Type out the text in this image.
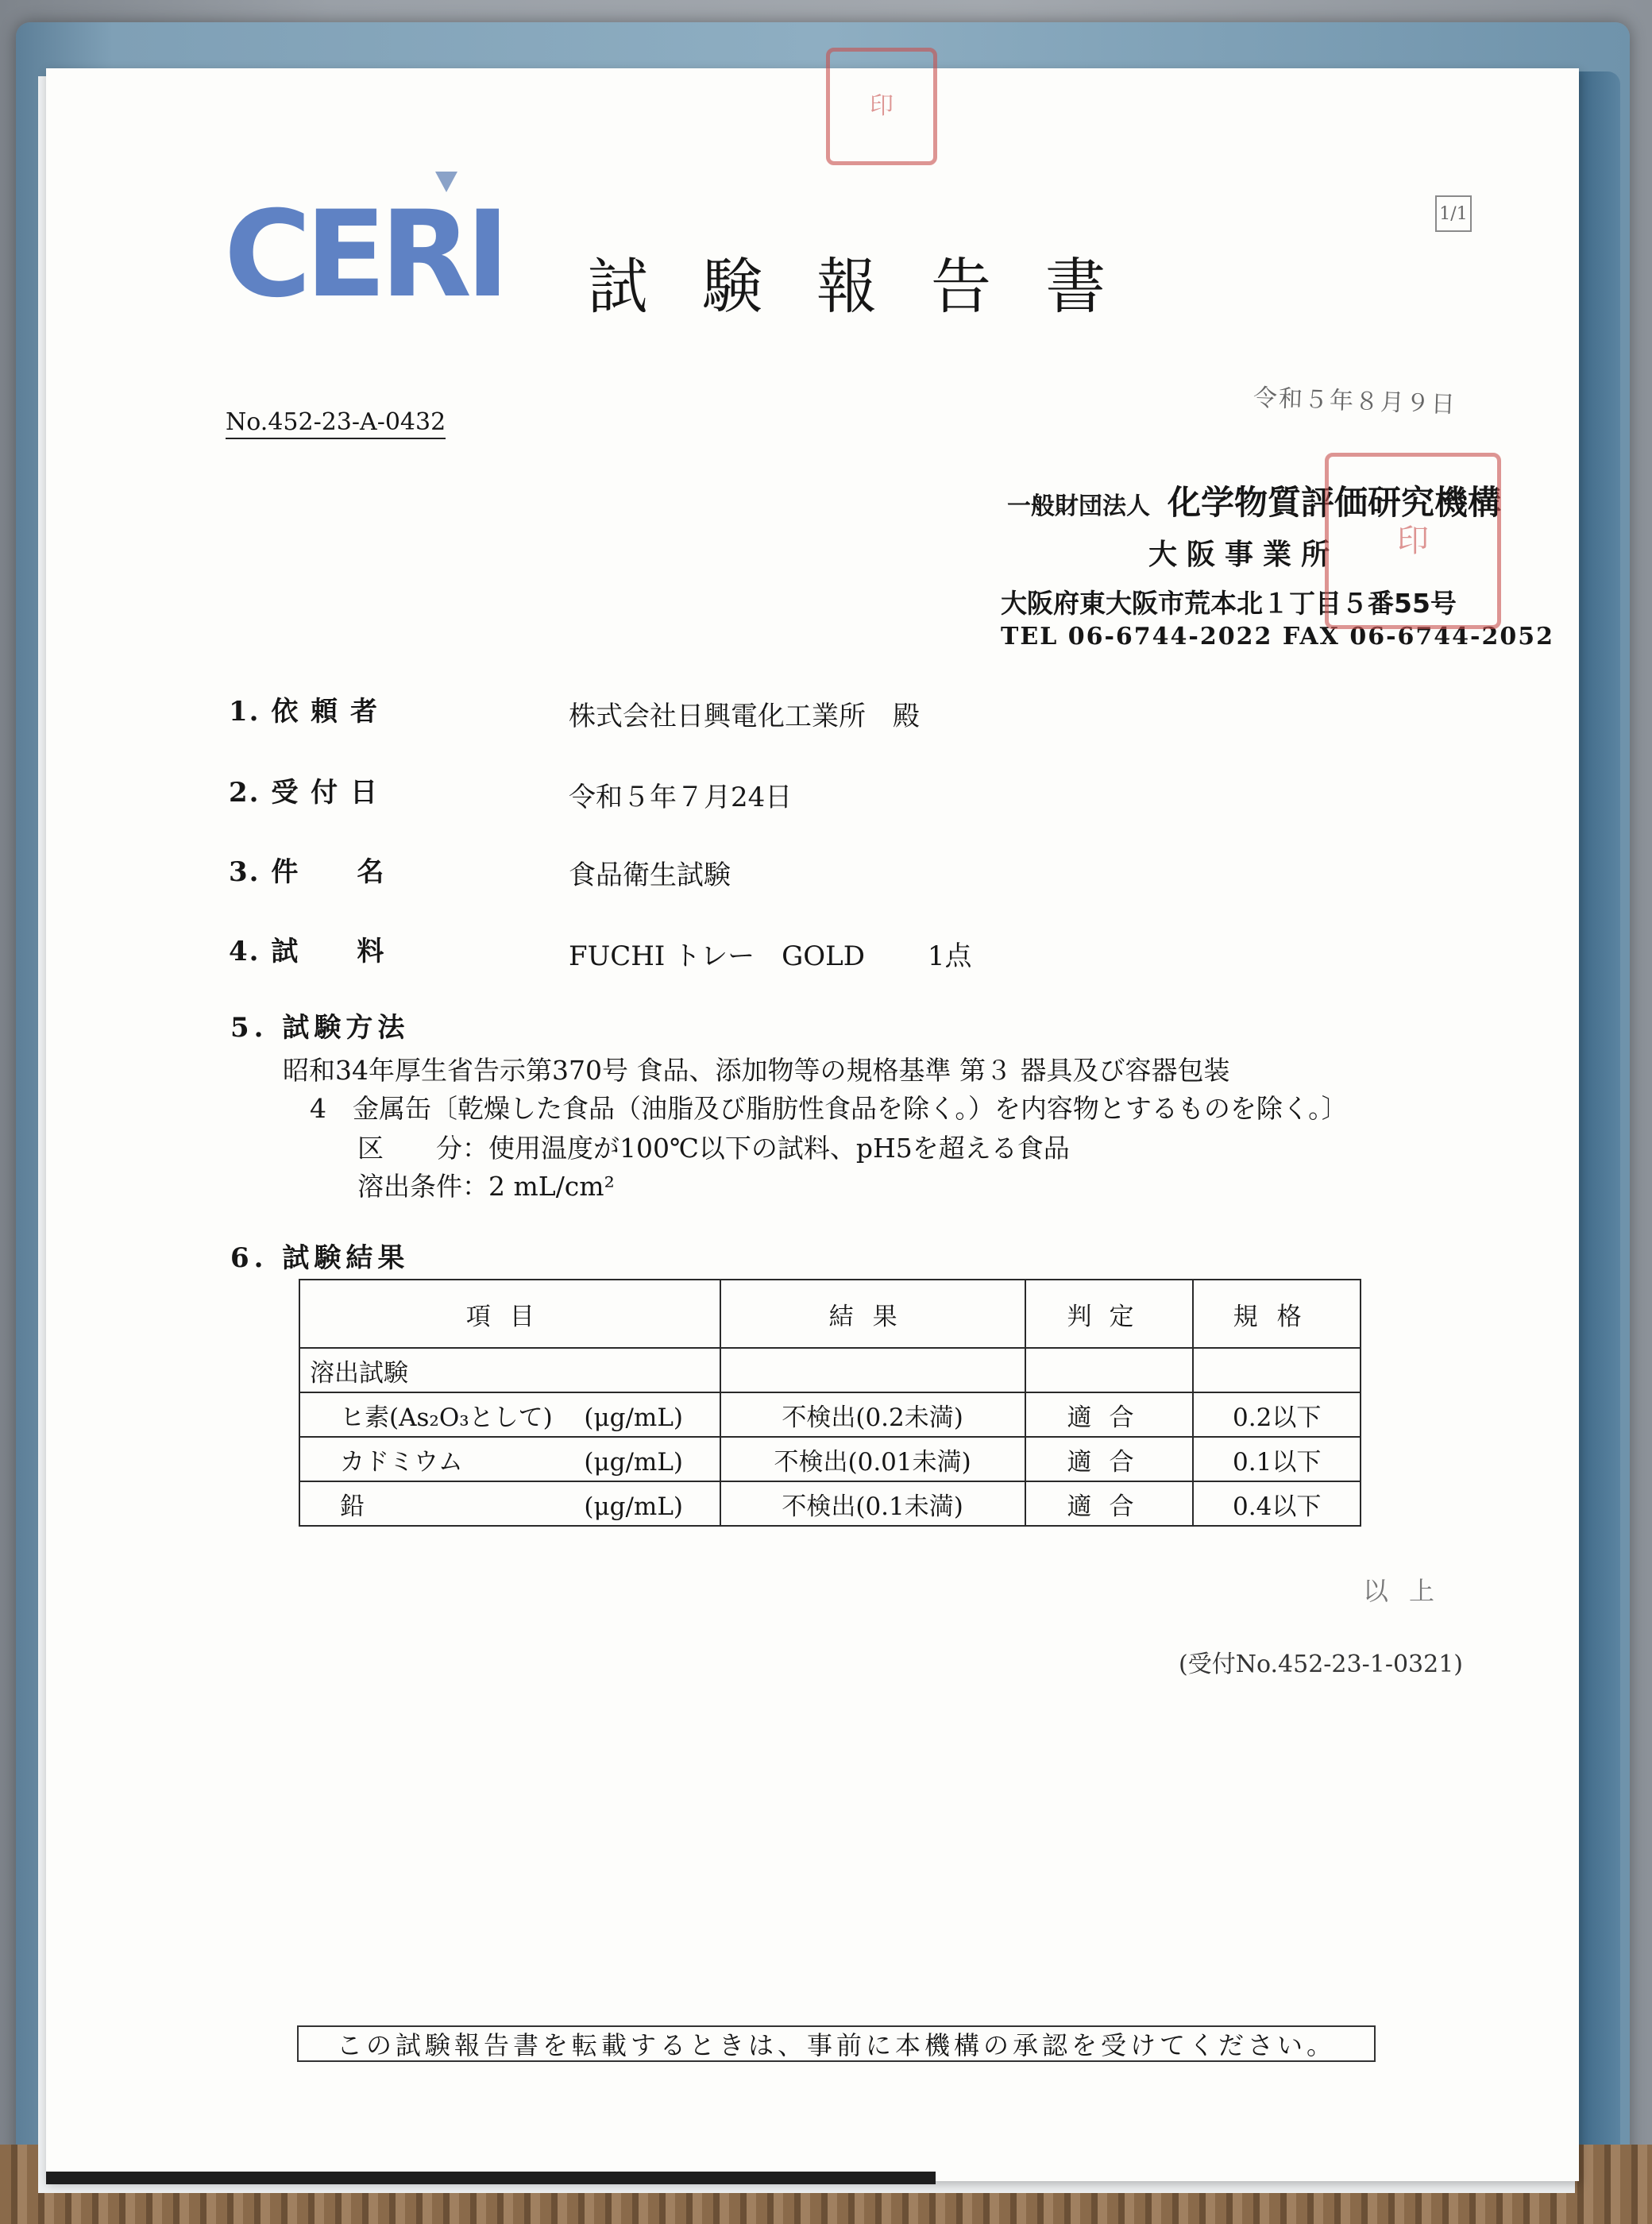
印
CERI	1/1
試験報告書
No.452-23-A-0432
令和５年８月９日
一般財団法人 化学物質評価研究機構
大阪事業所
大阪府東大阪市荒本北１丁目５番55号
TEL 06-6744-2022 FAX 06-6744-2052
印
1. 依 頼 者	株式会社日興電化工業所　殿
2. 受 付 日	令和５年７月24日
3. 件　　名	食品衛生試験
4. 試　　料	FUCHI トレー　GOLD　　 1点
5. 試験方法
昭和34年厚生省告示第370号 食品、添加物等の規格基準 第３ 器具及び容器包装
4　金属缶〔乾燥した食品（油脂及び脂肪性食品を除く。）を内容物とするものを除く。〕
区　　分：使用温度が100℃以下の試料、pH5を超える食品
溶出条件：2 mL/cm²
6. 試験結果
項目	結果	判定	規格
溶出試験			
ヒ素(As₂O₃として) (μg/mL)	不検出(0.2未満)	適合	0.2以下
カドミウム (μg/mL)	不検出(0.01未満)	適合	0.1以下
鉛 (μg/mL)	不検出(0.1未満)	適合	0.4以下
以上
(受付No.452-23-1-0321)
この試験報告書を転載するときは、事前に本機構の承認を受けてください。
